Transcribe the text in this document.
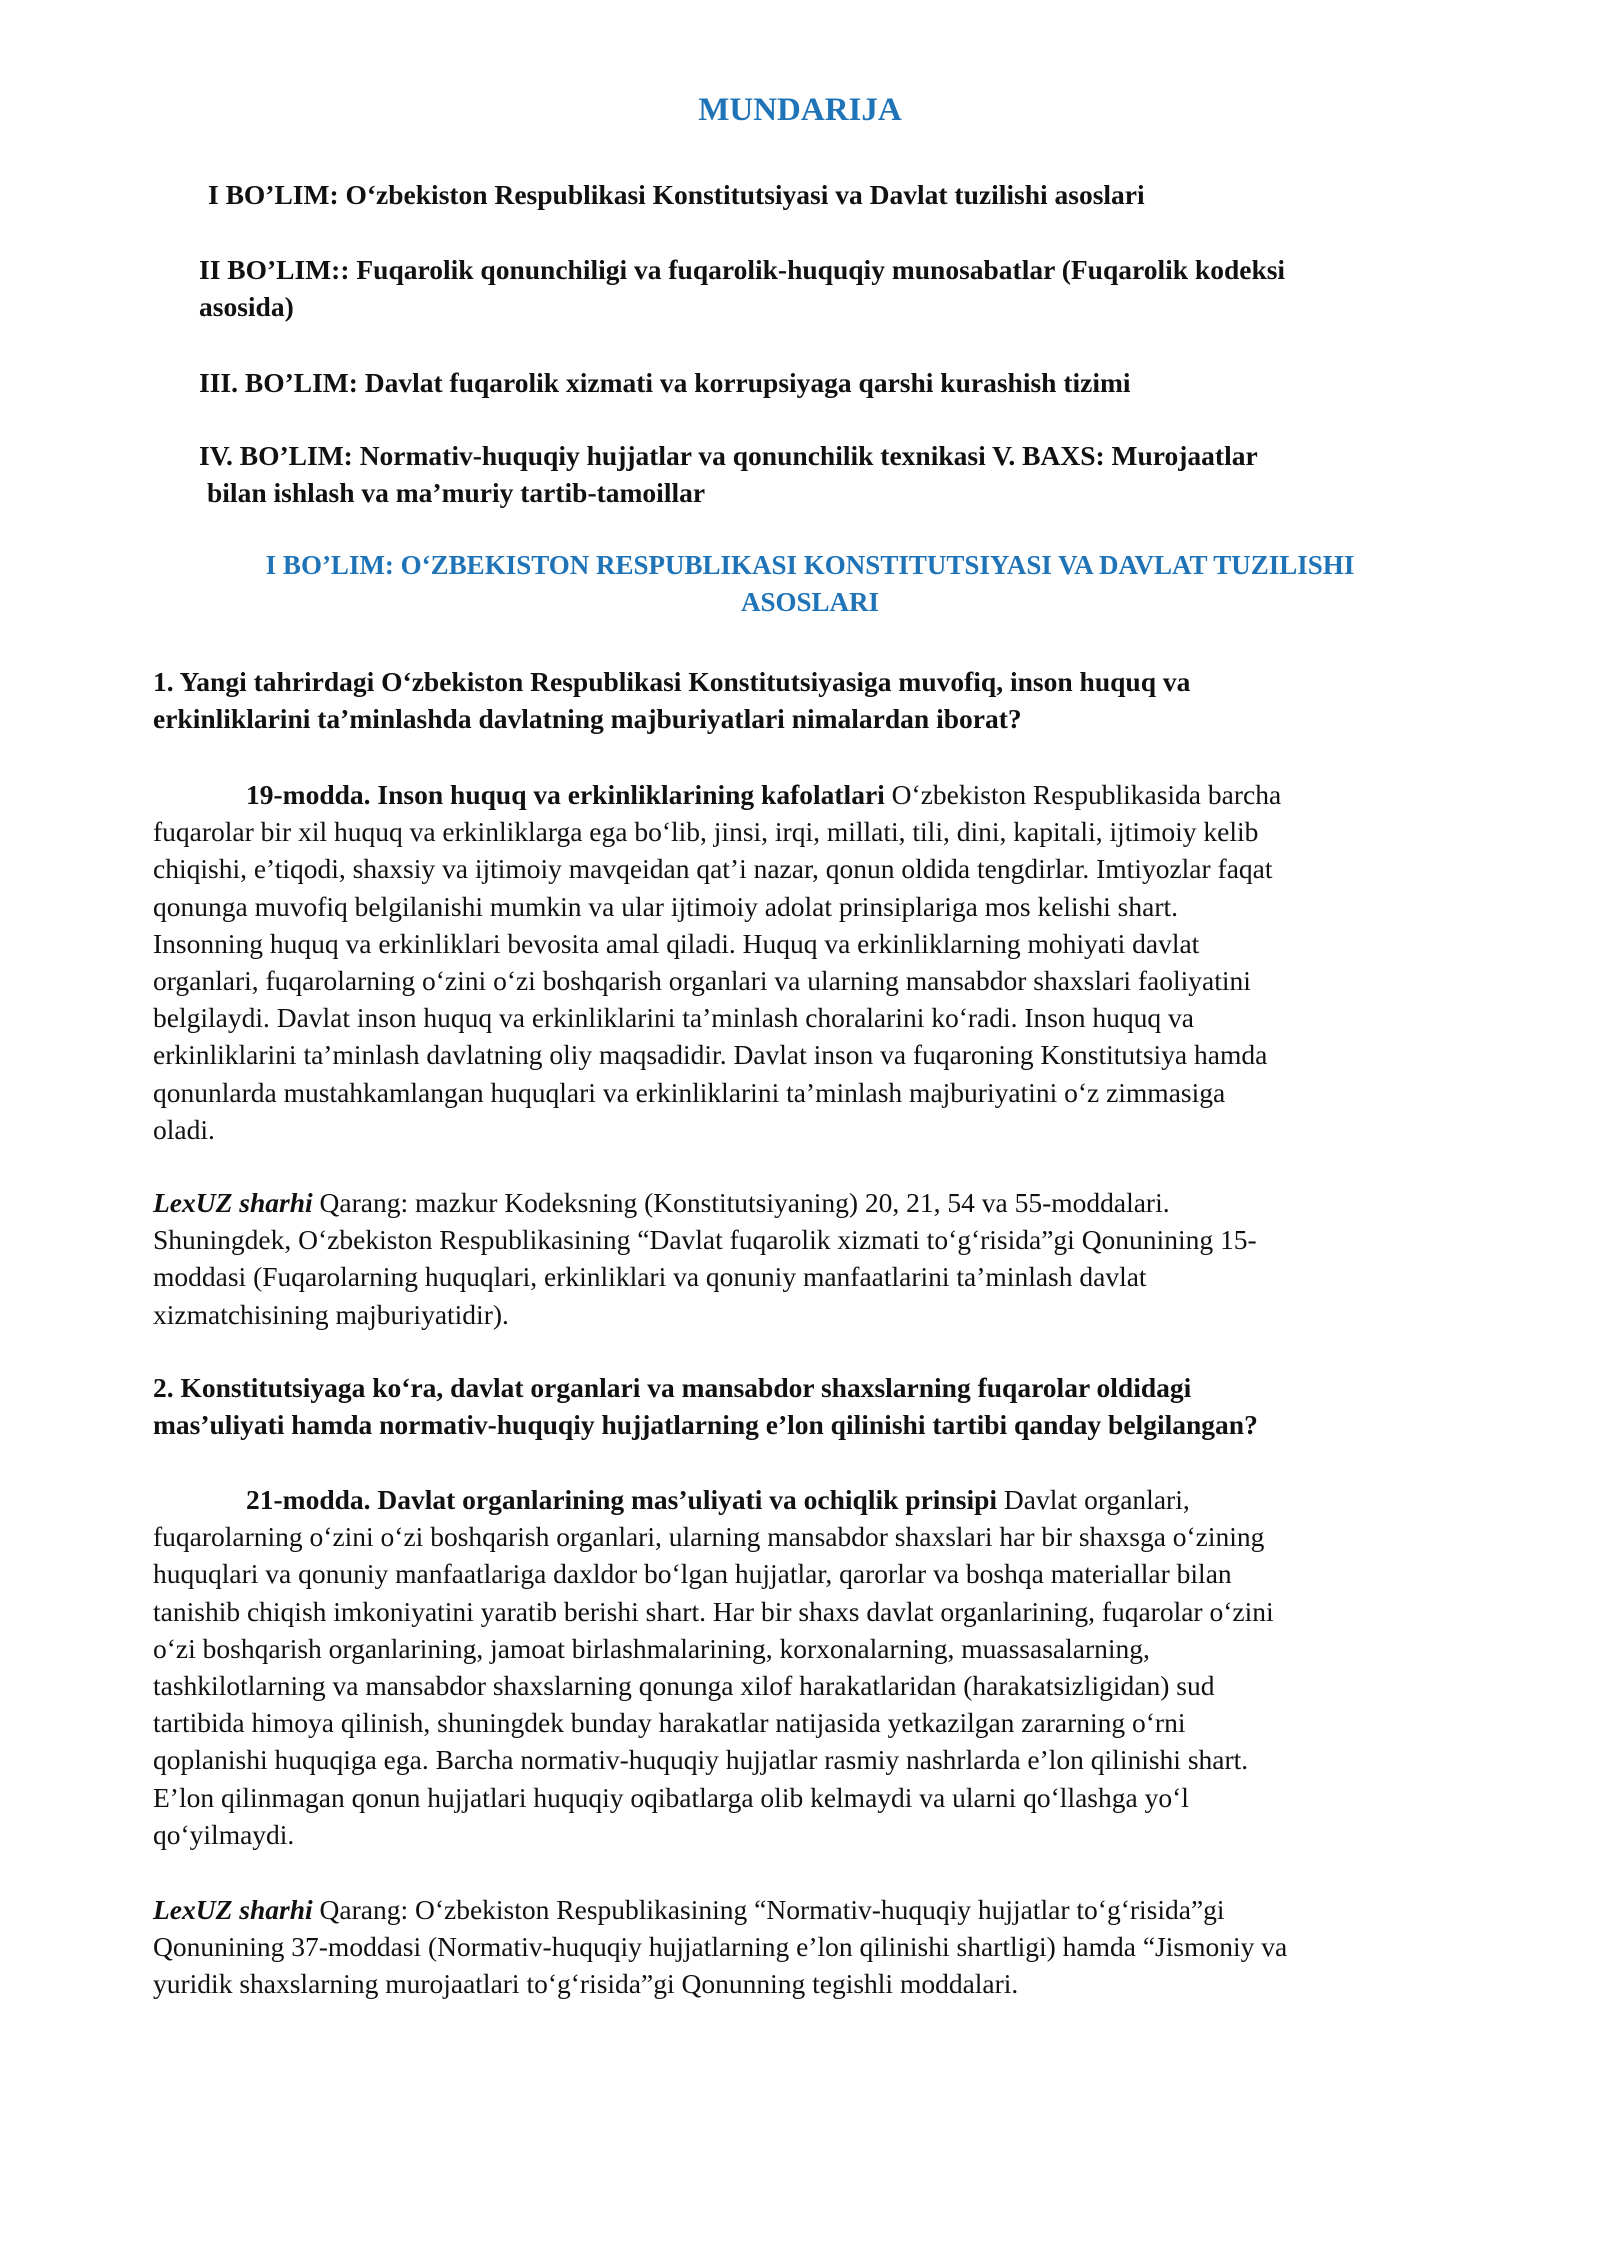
MUNDARIJA
I BO’LIM: O‘zbekiston Respublikasi Konstitutsiyasi va Davlat tuzilishi asoslari
II BO’LIM:: Fuqarolik qonunchiligi va fuqarolik-huquqiy munosabatlar (Fuqarolik kodeksi
asosida)
III. BO’LIM: Davlat fuqarolik xizmati va korrupsiyaga qarshi kurashish tizimi
IV. BO’LIM: Normativ-huquqiy hujjatlar va qonunchilik texnikasi V. BAXS: Murojaatlar
bilan ishlash va ma’muriy tartib-tamoillar
I BO’LIM: O‘ZBEKISTON RESPUBLIKASI KONSTITUTSIYASI VA DAVLAT TUZILISHI
ASOSLARI
1. Yangi tahrirdagi O‘zbekiston Respublikasi Konstitutsiyasiga muvofiq, inson huquq va
erkinliklarini ta’minlashda davlatning majburiyatlari nimalardan iborat?
19-modda. Inson huquq va erkinliklarining kafolatlari O‘zbekiston Respublikasida barcha
fuqarolar bir xil huquq va erkinliklarga ega bo‘lib, jinsi, irqi, millati, tili, dini, kapitali, ijtimoiy kelib
chiqishi, e’tiqodi, shaxsiy va ijtimoiy mavqeidan qat’i nazar, qonun oldida tengdirlar. Imtiyozlar faqat
qonunga muvofiq belgilanishi mumkin va ular ijtimoiy adolat prinsiplariga mos kelishi shart.
Insonning huquq va erkinliklari bevosita amal qiladi. Huquq va erkinliklarning mohiyati davlat
organlari, fuqarolarning o‘zini o‘zi boshqarish organlari va ularning mansabdor shaxslari faoliyatini
belgilaydi. Davlat inson huquq va erkinliklarini ta’minlash choralarini ko‘radi. Inson huquq va
erkinliklarini ta’minlash davlatning oliy maqsadidir. Davlat inson va fuqaroning Konstitutsiya hamda
qonunlarda mustahkamlangan huquqlari va erkinliklarini ta’minlash majburiyatini o‘z zimmasiga
oladi.
LexUZ sharhi Qarang: mazkur Kodeksning (Konstitutsiyaning) 20, 21, 54 va 55-moddalari.
Shuningdek, O‘zbekiston Respublikasining “Davlat fuqarolik xizmati to‘g‘risida”gi Qonunining 15-
moddasi (Fuqarolarning huquqlari, erkinliklari va qonuniy manfaatlarini ta’minlash davlat
xizmatchisining majburiyatidir).
2. Konstitutsiyaga ko‘ra, davlat organlari va mansabdor shaxslarning fuqarolar oldidagi
mas’uliyati hamda normativ-huquqiy hujjatlarning e’lon qilinishi tartibi qanday belgilangan?
21-modda. Davlat organlarining mas’uliyati va ochiqlik prinsipi Davlat organlari,
fuqarolarning o‘zini o‘zi boshqarish organlari, ularning mansabdor shaxslari har bir shaxsga o‘zining
huquqlari va qonuniy manfaatlariga daxldor bo‘lgan hujjatlar, qarorlar va boshqa materiallar bilan
tanishib chiqish imkoniyatini yaratib berishi shart. Har bir shaxs davlat organlarining, fuqarolar o‘zini
o‘zi boshqarish organlarining, jamoat birlashmalarining, korxonalarning, muassasalarning,
tashkilotlarning va mansabdor shaxslarning qonunga xilof harakatlaridan (harakatsizligidan) sud
tartibida himoya qilinish, shuningdek bunday harakatlar natijasida yetkazilgan zararning o‘rni
qoplanishi huquqiga ega. Barcha normativ-huquqiy hujjatlar rasmiy nashrlarda e’lon qilinishi shart.
E’lon qilinmagan qonun hujjatlari huquqiy oqibatlarga olib kelmaydi va ularni qo‘llashga yo‘l
qo‘yilmaydi.
LexUZ sharhi Qarang: O‘zbekiston Respublikasining “Normativ-huquqiy hujjatlar to‘g‘risida”gi
Qonunining 37-moddasi (Normativ-huquqiy hujjatlarning e’lon qilinishi shartligi) hamda “Jismoniy va
yuridik shaxslarning murojaatlari to‘g‘risida”gi Qonunning tegishli moddalari.
